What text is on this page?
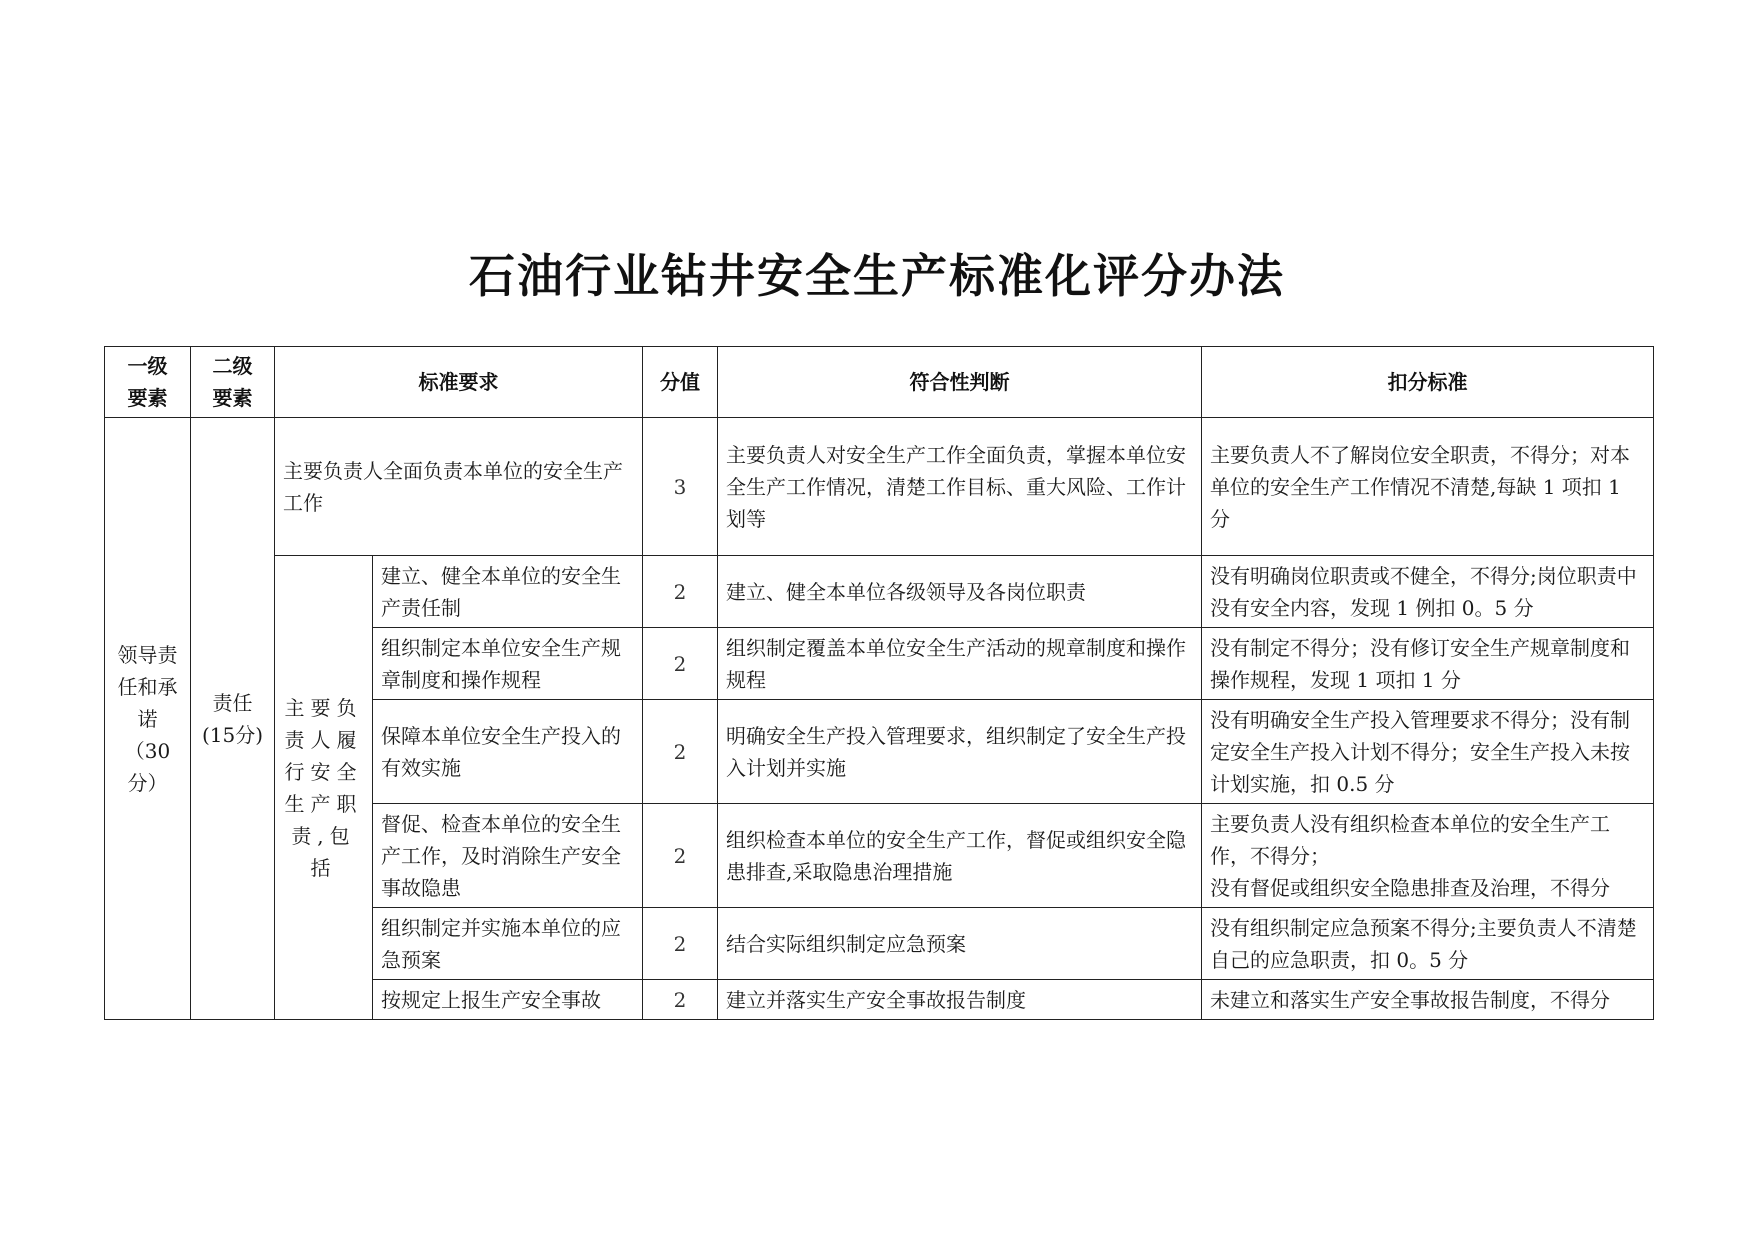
石油行业钻井安全生产标准化评分办法
一级要素	二级要素	标准要求		分值	符合性判断	扣分标准
领导责任和承诺（30分）	责任(15分)	主要负责人全面负责本单位的安全生产工作		3	主要负责人对安全生产工作全面负责，掌握本单位安全生产工作情况，清楚工作目标、重大风险、工作计划等	主要负责人不了解岗位安全职责，不得分；对本单位的安全生产工作情况不清楚,每缺 1 项扣 1 分
		主要负责人履行安全生产职责,包括	建立、健全本单位的安全生产责任制	2	建立、健全本单位各级领导及各岗位职责	没有明确岗位职责或不健全，不得分;岗位职责中没有安全内容，发现 1 例扣 0。5 分
			组织制定本单位安全生产规章制度和操作规程	2	组织制定覆盖本单位安全生产活动的规章制度和操作规程	没有制定不得分；没有修订安全生产规章制度和操作规程，发现 1 项扣 1 分
			保障本单位安全生产投入的有效实施	2	明确安全生产投入管理要求，组织制定了安全生产投入计划并实施	没有明确安全生产投入管理要求不得分；没有制定安全生产投入计划不得分；安全生产投入未按计划实施，扣 0.5 分
			督促、检查本单位的安全生产工作，及时消除生产安全事故隐患	2	组织检查本单位的安全生产工作，督促或组织安全隐患排查,采取隐患治理措施	主要负责人没有组织检查本单位的安全生产工作，不得分；
没有督促或组织安全隐患排查及治理，不得分
			组织制定并实施本单位的应急预案	2	结合实际组织制定应急预案	没有组织制定应急预案不得分;主要负责人不清楚自己的应急职责，扣 0。5 分
			按规定上报生产安全事故	2	建立并落实生产安全事故报告制度	未建立和落实生产安全事故报告制度，不得分
